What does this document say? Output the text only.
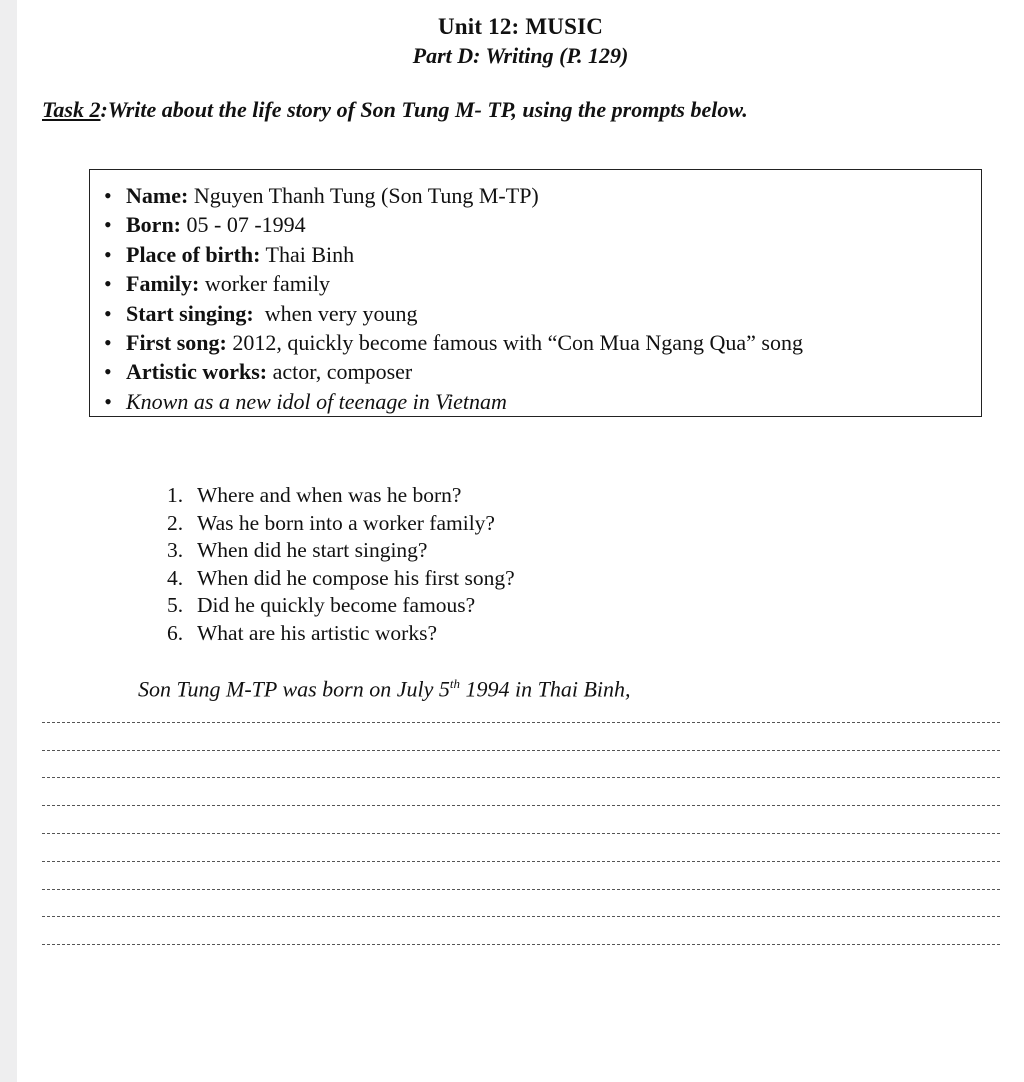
Unit 12: MUSIC
Part D: Writing (P. 129)
Task 2:Write about the life story of Son Tung M- TP, using the prompts below.
• Name: Nguyen Thanh Tung (Son Tung M-TP)
• Born: 05 - 07 -1994
• Place of birth: Thai Binh
• Family: worker family
• Start singing:  when very young
• First song: 2012, quickly become famous with “Con Mua Ngang Qua” song
• Artistic works: actor, composer
• Known as a new idol of teenage in Vietnam
1. Where and when was he born?
2. Was he born into a worker family?
3. When did he start singing?
4. When did he compose his first song?
5. Did he quickly become famous?
6. What are his artistic works?
Son Tung M-TP was born on July 5th 1994 in Thai Binh,
